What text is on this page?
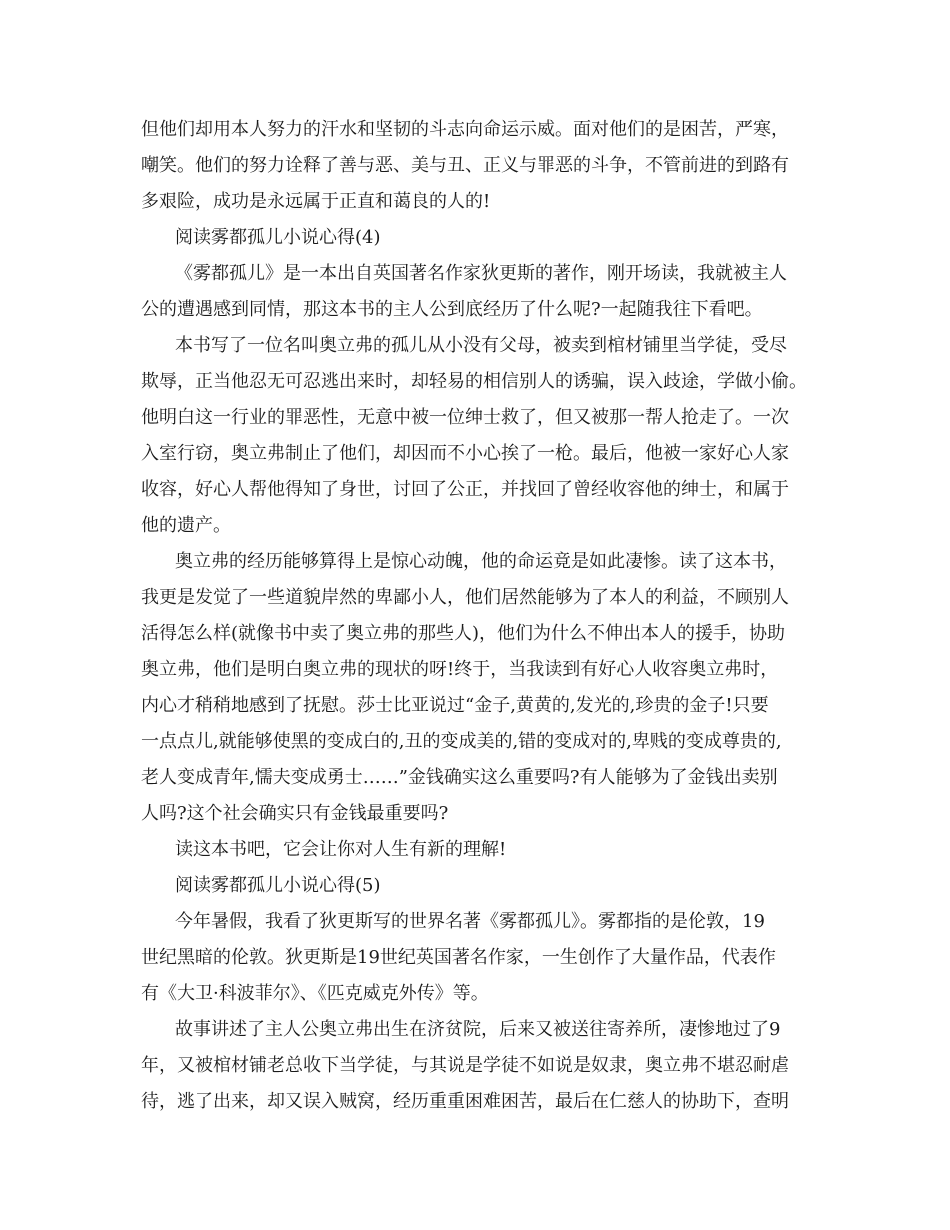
但他们却用本人努力的汗水和坚韧的斗志向命运示威。面对他们的是困苦，严寒，
嘲笑。他们的努力诠释了善与恶、美与丑、正义与罪恶的斗争，不管前进的到路有
多艰险，成功是永远属于正直和蔼良的人的!
阅读雾都孤儿小说心得(4)
《雾都孤儿》是一本出自英国著名作家狄更斯的著作，刚开场读，我就被主人
公的遭遇感到同情，那这本书的主人公到底经历了什么呢?一起随我往下看吧。
本书写了一位名叫奥立弗的孤儿从小没有父母，被卖到棺材铺里当学徒，受尽
欺辱，正当他忍无可忍逃出来时，却轻易的相信别人的诱骗，误入歧途，学做小偷。
他明白这一行业的罪恶性，无意中被一位绅士救了，但又被那一帮人抢走了。一次
入室行窃，奥立弗制止了他们，却因而不小心挨了一枪。最后，他被一家好心人家
收容，好心人帮他得知了身世，讨回了公正，并找回了曾经收容他的绅士，和属于
他的遗产。
奥立弗的经历能够算得上是惊心动魄，他的命运竟是如此凄惨。读了这本书，
我更是发觉了一些道貌岸然的卑鄙小人，他们居然能够为了本人的利益，不顾别人
活得怎么样(就像书中卖了奥立弗的那些人)，他们为什么不伸出本人的援手，协助
奥立弗，他们是明白奥立弗的现状的呀!终于，当我读到有好心人收容奥立弗时，
内心才稍稍地感到了抚慰。莎士比亚说过“金子,黄黄的,发光的,珍贵的金子!只要
一点点儿,就能够使黑的变成白的,丑的变成美的,错的变成对的,卑贱的变成尊贵的,
老人变成青年,懦夫变成勇士……”金钱确实这么重要吗?有人能够为了金钱出卖别
人吗?这个社会确实只有金钱最重要吗?
读这本书吧，它会让你对人生有新的理解!
阅读雾都孤儿小说心得(5)
今年暑假，我看了狄更斯写的世界名著《雾都孤儿》。雾都指的是伦敦，19
世纪黑暗的伦敦。狄更斯是19世纪英国著名作家，一生创作了大量作品，代表作
有《大卫·科波菲尔》、《匹克威克外传》等。
故事讲述了主人公奥立弗出生在济贫院，后来又被送往寄养所，凄惨地过了9
年，又被棺材铺老总收下当学徒，与其说是学徒不如说是奴隶，奥立弗不堪忍耐虐
待，逃了出来，却又误入贼窝，经历重重困难困苦，最后在仁慈人的协助下，查明
